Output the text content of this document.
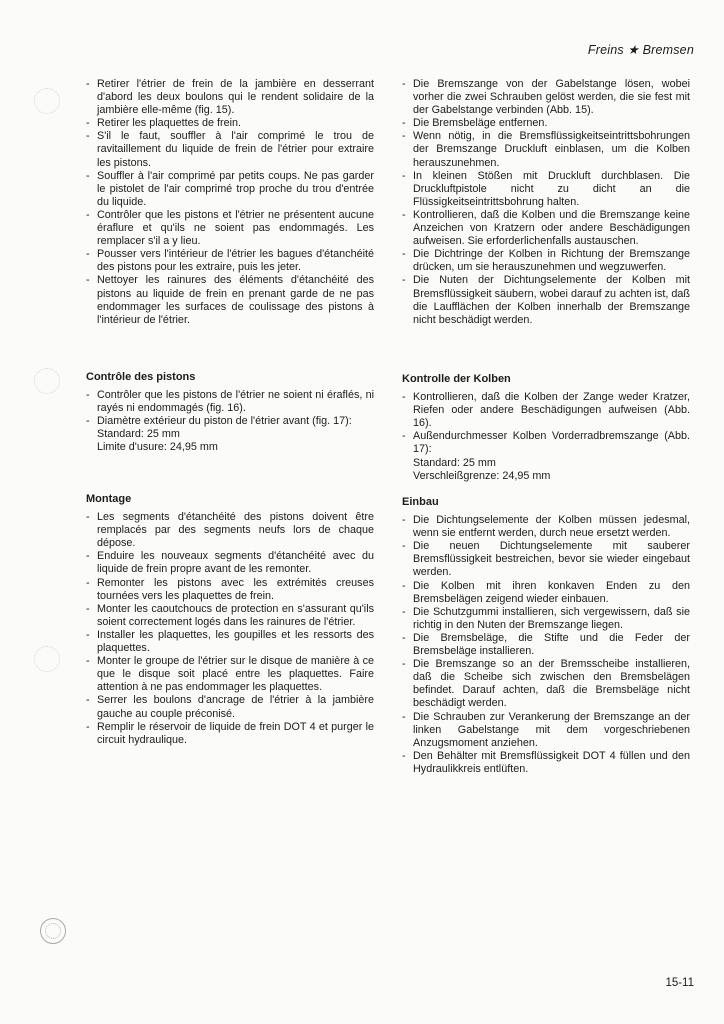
Freins ★ Bremsen
- Retirer l'étrier de frein de la jambière en desserrant d'abord les deux boulons qui le rendent solidaire de la jambière elle-même (fig. 15).
- Retirer les plaquettes de frein.
- S'il le faut, souffler à l'air comprimé le trou de ravitaillement du liquide de frein de l'étrier pour extraire les pistons.
- Souffler à l'air comprimé par petits coups. Ne pas garder le pistolet de l'air comprimé trop proche du trou d'entrée du liquide.
- Contrôler que les pistons et l'étrier ne présentent aucune éraflure et qu'ils ne soient pas endommagés. Les remplacer s'il a y lieu.
- Pousser vers l'intérieur de l'étrier les bagues d'étanchéité des pistons pour les extraire, puis les jeter.
- Nettoyer les rainures des éléments d'étanchéité des pistons au liquide de frein en prenant garde de ne pas endommager les surfaces de coulissage des pistons à l'intérieur de l'étrier.
Contrôle des pistons
- Contrôler que les pistons de l'étrier ne soient ni éraflés, ni rayés ni endommagés (fig. 16).
- Diamètre extérieur du piston de l'étrier avant (fig. 17):
Standard: 25 mm
Limite d'usure: 24,95 mm
Montage
- Les segments d'étanchéité des pistons doivent être remplacés par des segments neufs lors de chaque dépose.
- Enduire les nouveaux segments d'étanchéité avec du liquide de frein propre avant de les remonter.
- Remonter les pistons avec les extrémités creuses tournées vers les plaquettes de frein.
- Monter les caoutchoucs de protection en s'assurant qu'ils soient correctement logés dans les rainures de l'étrier.
- Installer les plaquettes, les goupilles et les ressorts des plaquettes.
- Monter le groupe de l'étrier sur le disque de manière à ce que le disque soit placé entre les plaquettes. Faire attention à ne pas endommager les plaquettes.
- Serrer les boulons d'ancrage de l'étrier à la jambière gauche au couple préconisé.
- Remplir le réservoir de liquide de frein DOT 4 et purger le circuit hydraulique.
- Die Bremszange von der Gabelstange lösen, wobei vorher die zwei Schrauben gelöst werden, die sie fest mit der Gabelstange verbinden (Abb. 15).
- Die Bremsbeläge entfernen.
- Wenn nötig, in die Bremsflüssigkeitseintrittsbohrungen der Bremszange Druckluft einblasen, um die Kolben herauszunehmen.
- In kleinen Stößen mit Druckluft durchblasen. Die Druckluftpistole nicht zu dicht an die Flüssigkeitseintrittsbohrung halten.
- Kontrollieren, daß die Kolben und die Bremszange keine Anzeichen von Kratzern oder andere Beschädigungen aufweisen. Sie erforderlichenfalls austauschen.
- Die Dichtringe der Kolben in Richtung der Bremszange drücken, um sie herauszunehmen und wegzuwerfen.
- Die Nuten der Dichtungselemente der Kolben mit Bremsflüssigkeit säubern, wobei darauf zu achten ist, daß die Laufflächen der Kolben innerhalb der Bremszange nicht beschädigt werden.
Kontrolle der Kolben
- Kontrollieren, daß die Kolben der Zange weder Kratzer, Riefen oder andere Beschädigungen aufweisen (Abb. 16).
- Außendurchmesser Kolben Vorderradbremszange (Abb. 17):
Standard: 25 mm
Verschleißgrenze: 24,95 mm
Einbau
- Die Dichtungselemente der Kolben müssen jedesmal, wenn sie entfernt werden, durch neue ersetzt werden.
- Die neuen Dichtungselemente mit sauberer Bremsflüssigkeit bestreichen, bevor sie wieder eingebaut werden.
- Die Kolben mit ihren konkaven Enden zu den Bremsbelägen zeigend wieder einbauen.
- Die Schutzgummi installieren, sich vergewissern, daß sie richtig in den Nuten der Bremszange liegen.
- Die Bremsbeläge, die Stifte und die Feder der Bremsbeläge installieren.
- Die Bremszange so an der Bremsscheibe installieren, daß die Scheibe sich zwischen den Bremsbelägen befindet. Darauf achten, daß die Bremsbeläge nicht beschädigt werden.
- Die Schrauben zur Verankerung der Bremszange an der linken Gabelstange mit dem vorgeschriebenen Anzugsmoment anziehen.
- Den Behälter mit Bremsflüssigkeit DOT 4 füllen und den Hydraulikkreis entlüften.
15-11
